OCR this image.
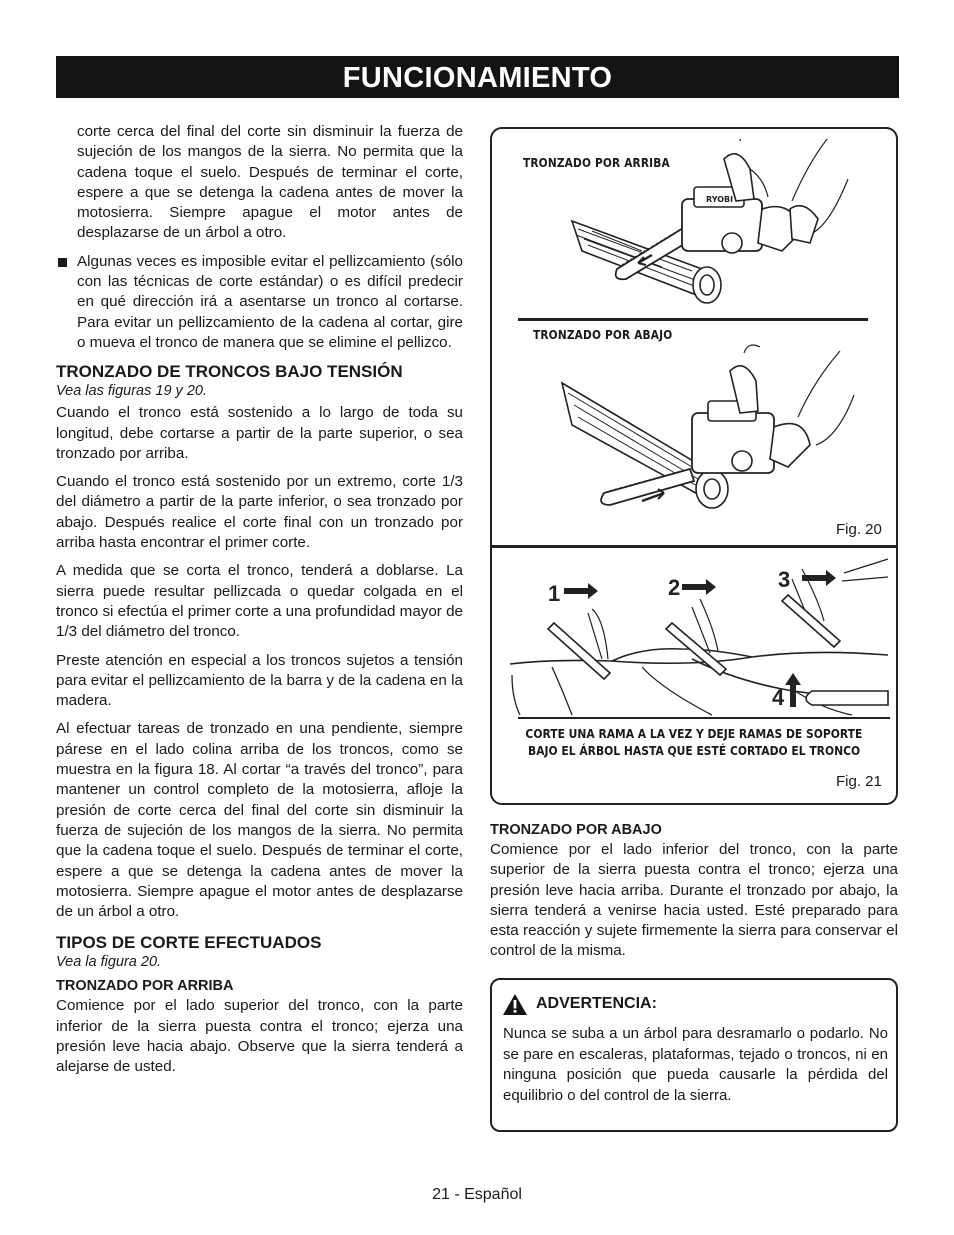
FUNCIONAMIENTO

corte cerca del final del corte sin disminuir la fuerza de sujeción de los mangos de la sierra. No permita que la cadena toque el suelo. Después de terminar el corte, espere a que se detenga la cadena antes de mover la motosierra. Siempre apague el motor antes de desplazarse de un árbol a otro.

Algunas veces es imposible evitar el pellizcamiento (sólo con las técnicas de corte estándar) o es difícil predecir en qué dirección irá a asentarse un tronco al cortarse. Para evitar un pellizcamiento de la cadena al cortar, gire o mueva el tronco de manera que se elimine el pellizco.

TRONZADO DE TRONCOS BAJO TENSIÓN
Vea las figuras 19 y 20.

Cuando el tronco está sostenido a lo largo de toda su longitud, debe cortarse a partir de la parte superior, o sea tronzado por arriba.

Cuando el tronco está sostenido por un extremo, corte 1/3 del diámetro a partir de la parte inferior, o sea tronzado por abajo. Después realice el corte final con un tronzado por arriba hasta encontrar el primer corte.

A medida que se corta el tronco, tenderá a doblarse. La sierra puede resultar pellizcada o quedar colgada en el tronco si efectúa el primer corte a una profundidad mayor de 1/3 del diámetro del tronco.

Preste atención en especial a los troncos sujetos a tensión para evitar el pellizcamiento de la barra y de la cadena en la madera.

Al efectuar tareas de tronzado en una pendiente, siempre párese en el lado colina arriba de los troncos, como se muestra en la figura 18. Al cortar “a través del tronco”, para mantener un control completo de la motosierra, afloje la presión de corte cerca del final del corte sin disminuir la fuerza de sujeción de los mangos de la sierra. No permita que la cadena toque el suelo. Después de terminar el corte, espere a que se detenga la cadena antes de mover la motosierra. Siempre apague el motor antes de desplazarse de un árbol a otro.

TIPOS DE CORTE EFECTUADOS
Vea la figura 20.
TRONZADO POR ARRIBA

Comience por el lado superior del tronco, con la parte inferior de la sierra puesta contra el tronco; ejerza una presión leve hacia abajo. Observe que la sierra tenderá a alejarse de usted.

TRONZADO POR ARRIBA
TRONZADO POR ABAJO
RYOBI
Fig. 20
1	2	3
4
CORTE UNA RAMA A LA VEZ Y DEJE RAMAS DE SOPORTE
BAJO EL ÁRBOL HASTA QUE ESTÉ CORTADO EL TRONCO
Fig. 21
TRONZADO POR ABAJO

Comience por el lado inferior del tronco, con la parte superior de la sierra puesta contra el tronco; ejerza una presión leve hacia arriba. Durante el tronzado por abajo, la sierra tenderá a venirse hacia usted. Esté preparado para esta reacción y sujete firmemente la sierra para conservar el control de la misma.

ADVERTENCIA:
Nunca se suba a un árbol para desramarlo o podarlo. No se pare en escaleras, plataformas, tejado o troncos, ni en ninguna posición que pueda causarle la pérdida del equilibrio o del control de la sierra.
21 - Español
